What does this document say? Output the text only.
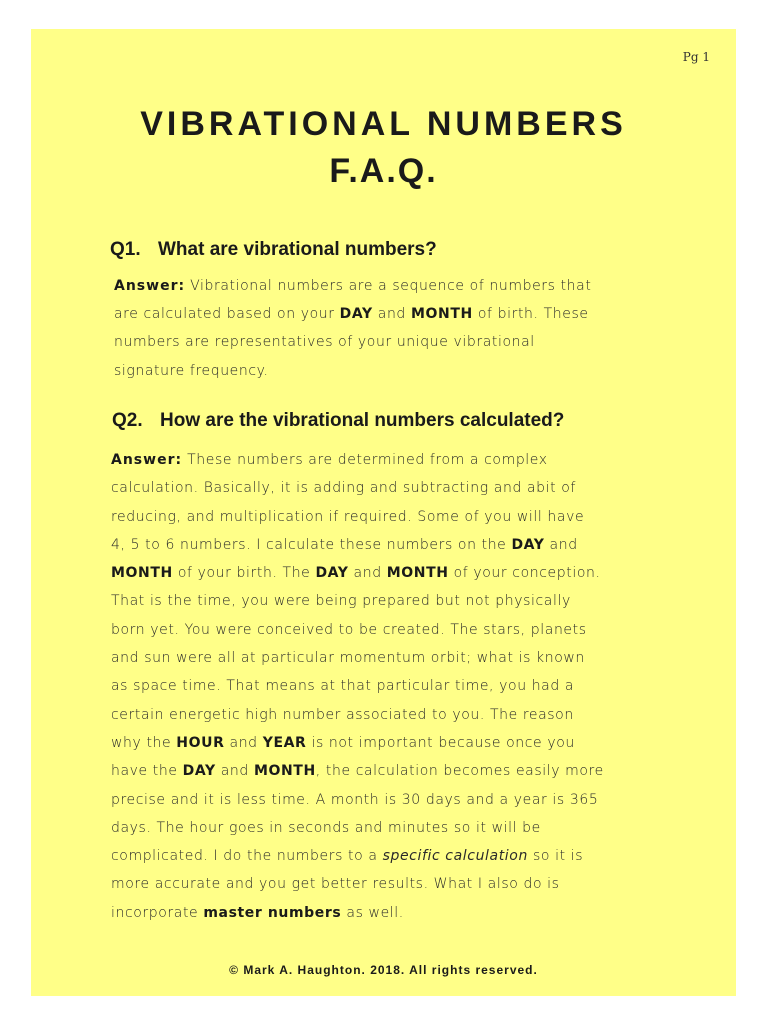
Pg 1
VIBRATIONAL NUMBERS
F.A.Q.
Q1. What are vibrational numbers?
Answer: Vibrational numbers are a sequence of numbers that
are calculated based on your DAY and MONTH of birth. These
numbers are representatives of your unique vibrational
signature frequency.
Q2. How are the vibrational numbers calculated?
Answer: These numbers are determined from a complex
calculation. Basically, it is adding and subtracting and abit of
reducing, and multiplication if required. Some of you will have
4, 5 to 6 numbers. I calculate these numbers on the DAY and
MONTH of your birth. The DAY and MONTH of your conception.
That is the time, you were being prepared but not physically
born yet. You were conceived to be created. The stars, planets
and sun were all at particular momentum orbit; what is known
as space time. That means at that particular time, you had a
certain energetic high number associated to you. The reason
why the HOUR and YEAR is not important because once you
have the DAY and MONTH, the calculation becomes easily more
precise and it is less time. A month is 30 days and a year is 365
days. The hour goes in seconds and minutes so it will be
complicated. I do the numbers to a specific calculation so it is
more accurate and you get better results. What I also do is
incorporate master numbers as well.
© Mark A. Haughton. 2018. All rights reserved.
